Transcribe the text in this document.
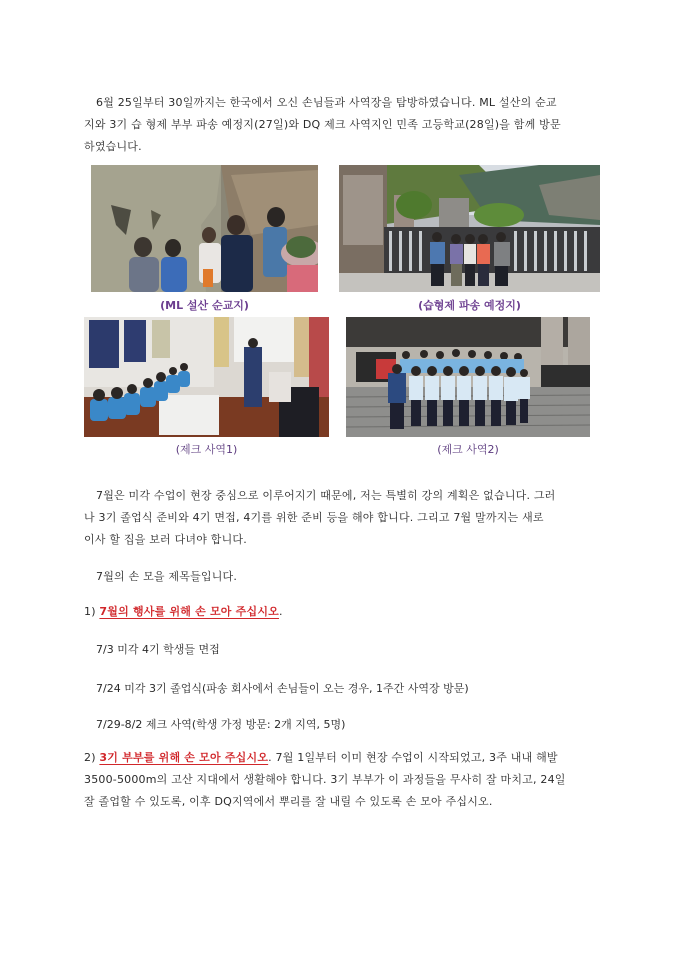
6월 25일부터 30일까지는 한국에서 오신 손님들과 사역장을 탐방하였습니다. ML 설산의 순교
지와 3기 습 형제 부부 파송 예정지(27일)와 DQ 제크 사역지인 민족 고등학교(28일)을 함께 방문
하였습니다.
(ML 설산 순교지)	(습형제 파송 예정지)
(제크 사역1)	(제크 사역2)
7월은 미각 수업이 현장 중심으로 이루어지기 때문에, 저는 특별히 강의 계획은 없습니다. 그러
나 3기 졸업식 준비와 4기 면접, 4기를 위한 준비 등을 해야 합니다. 그리고 7월 말까지는 새로
이사 할 집을 보러 다녀야 합니다.
7월의 손 모을 제목들입니다.
1) 7월의 행사를 위해 손 모아 주십시오.
7/3 미각 4기 학생들 면접
7/24 미각 3기 졸업식(파송 회사에서 손님들이 오는 경우, 1주간 사역장 방문)
7/29-8/2 제크 사역(학생 가정 방문: 2개 지역, 5명)
2) 3기 부부를 위해 손 모아 주십시오. 7월 1일부터 이미 현장 수업이 시작되었고, 3주 내내 해발
3500-5000m의 고산 지대에서 생활해야 합니다. 3기 부부가 이 과정들을 무사히 잘 마치고, 24일
잘 졸업할 수 있도록, 이후 DQ지역에서 뿌리를 잘 내릴 수 있도록 손 모아 주십시오.
